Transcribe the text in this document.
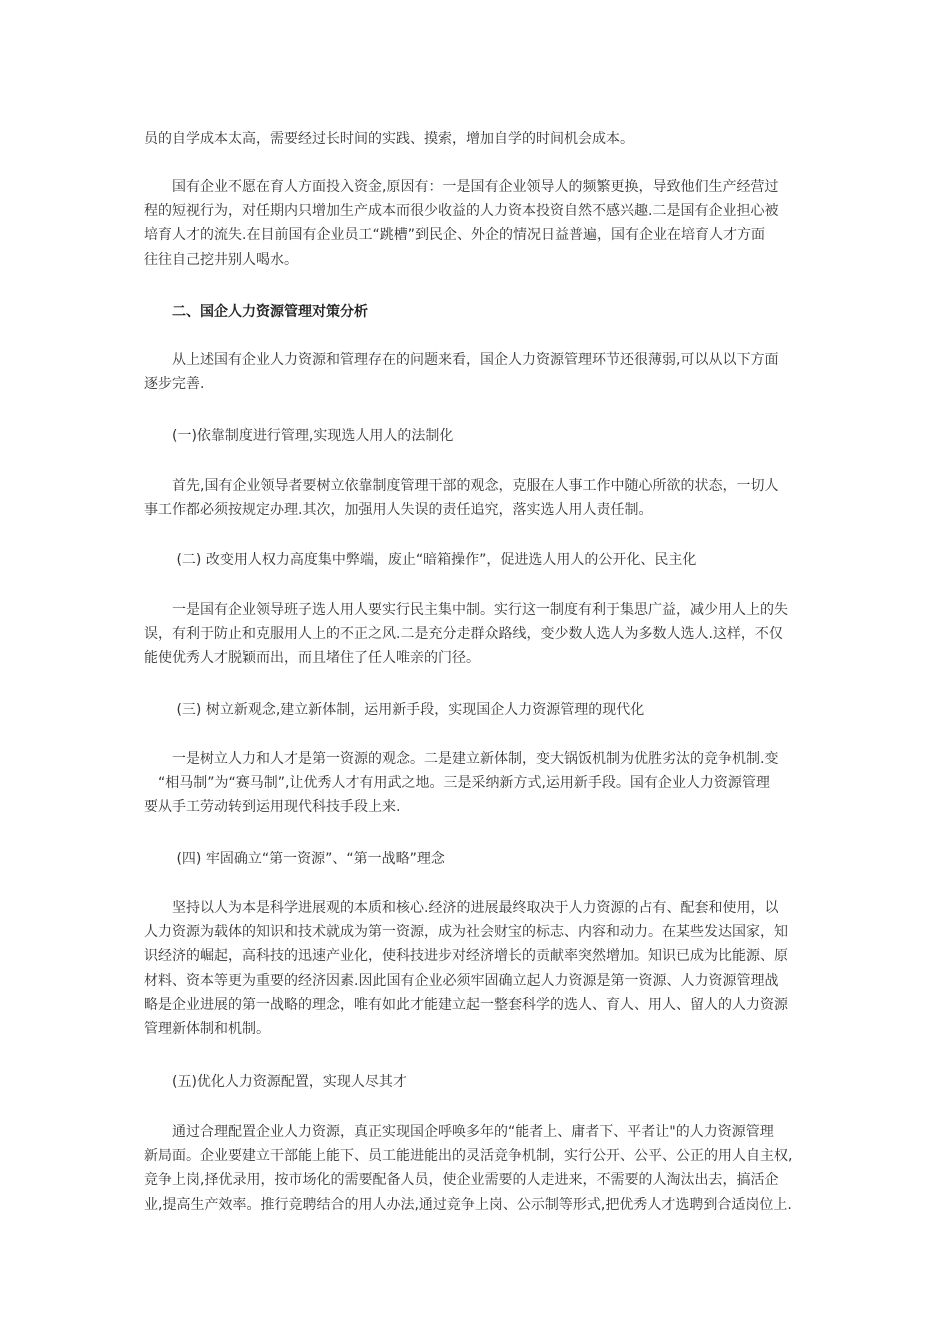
员的自学成本太高，需要经过长时间的实践、摸索，增加自学的时间机会成本。

　　国有企业不愿在育人方面投入资金,原因有：一是国有企业领导人的频繁更换，导致他们生产经营过
程的短视行为，对任期内只增加生产成本而很少收益的人力资本投资自然不感兴趣.二是国有企业担心被
培育人才的流失.在目前国有企业员工“跳槽”到民企、外企的情况日益普遍，国有企业在培育人才方面
往往自己挖井别人喝水。

　　二、国企人力资源管理对策分析

　　从上述国有企业人力资源和管理存在的问题来看，国企人力资源管理环节还很薄弱,可以从以下方面
逐步完善.

　　(一)依靠制度进行管理,实现选人用人的法制化

　　首先,国有企业领导者要树立依靠制度管理干部的观念，克服在人事工作中随心所欲的状态，一切人
事工作都必须按规定办理.其次，加强用人失误的责任追究，落实选人用人责任制。

　　 (二) 改变用人权力高度集中弊端，废止“暗箱操作”，促进选人用人的公开化、民主化

　　一是国有企业领导班子选人用人要实行民主集中制。实行这一制度有利于集思广益，减少用人上的失
误，有利于防止和克服用人上的不正之风.二是充分走群众路线，变少数人选人为多数人选人.这样，不仅
能使优秀人才脱颖而出，而且堵住了任人唯亲的门径。

　　 (三) 树立新观念,建立新体制，运用新手段，实现国企人力资源管理的现代化

　　一是树立人力和人才是第一资源的观念。二是建立新体制，变大锅饭机制为优胜劣汰的竞争机制.变
　“相马制”为“赛马制”,让优秀人才有用武之地。三是采纳新方式,运用新手段。国有企业人力资源管理
要从手工劳动转到运用现代科技手段上来.

　　 (四) 牢固确立“第一资源”、“第一战略”理念

　　坚持以人为本是科学进展观的本质和核心.经济的进展最终取决于人力资源的占有、配套和使用，以
人力资源为载体的知识和技术就成为第一资源，成为社会财宝的标志、内容和动力。在某些发达国家，知
识经济的崛起，高科技的迅速产业化，使科技进步对经济增长的贡献率突然增加。知识已成为比能源、原
材料、资本等更为重要的经济因素.因此国有企业必须牢固确立起人力资源是第一资源、人力资源管理战
略是企业进展的第一战略的理念，唯有如此才能建立起一整套科学的选人、育人、用人、留人的人力资源
管理新体制和机制。

　　(五)优化人力资源配置，实现人尽其才

　　通过合理配置企业人力资源，真正实现国企呼唤多年的“能者上、庸者下、平者让"的人力资源管理
新局面。企业要建立干部能上能下、员工能进能出的灵活竞争机制，实行公开、公平、公正的用人自主权,
竞争上岗,择优录用，按市场化的需要配备人员，使企业需要的人走进来，不需要的人淘汰出去，搞活企
业,提高生产效率。推行竞聘结合的用人办法,通过竞争上岗、公示制等形式,把优秀人才选聘到合适岗位上.
